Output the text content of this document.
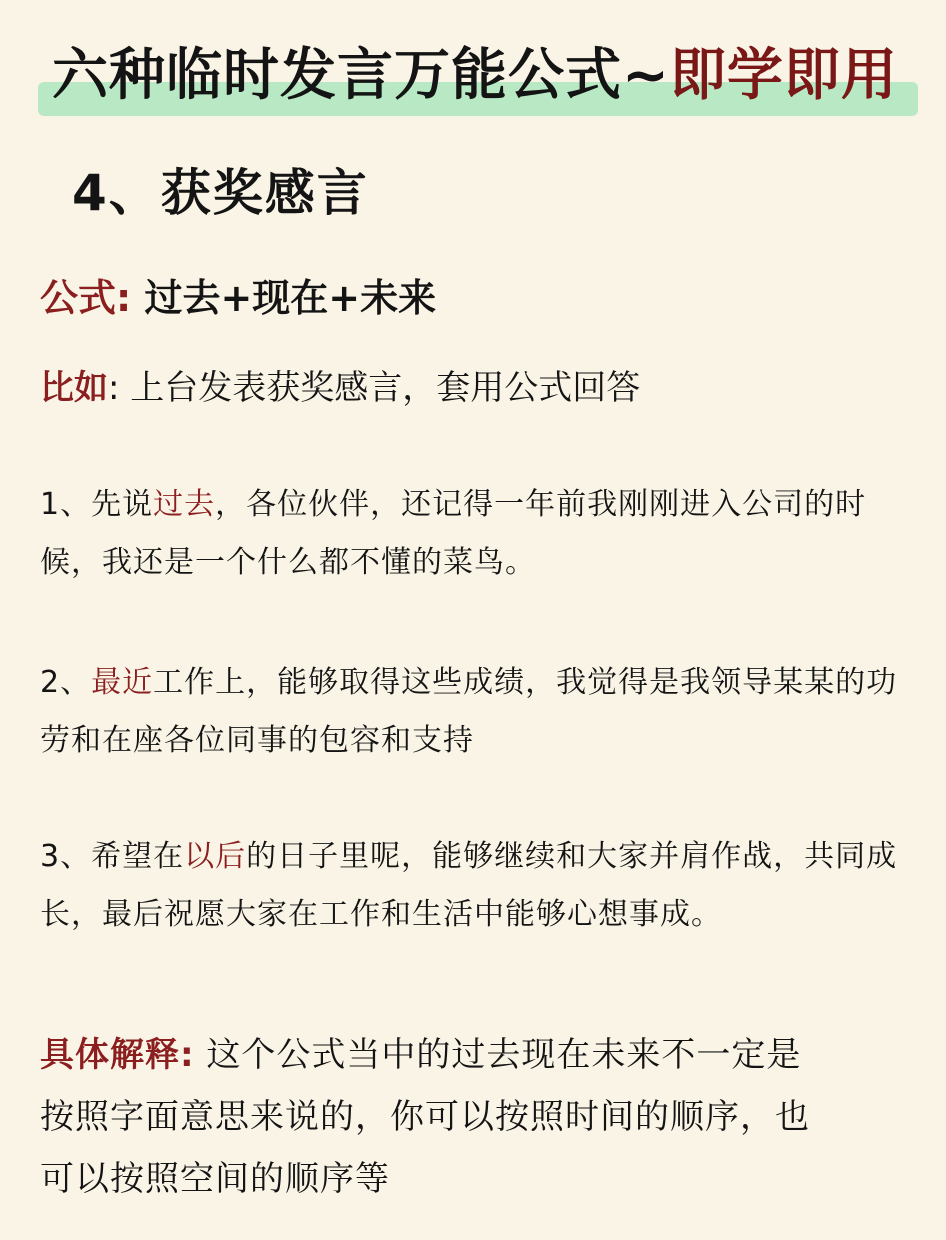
六种临时发言万能公式~即学即用
4、获奖感言

公式: 过去+现在+未来

比如: 上台发表获奖感言，套用公式回答

1、先说过去，各位伙伴，还记得一年前我刚刚进入公司的时候，我还是一个什么都不懂的菜鸟。

2、最近工作上，能够取得这些成绩，我觉得是我领导某某的功劳和在座各位同事的包容和支持

3、希望在以后的日子里呢，能够继续和大家并肩作战，共同成长，最后祝愿大家在工作和生活中能够心想事成。

具体解释: 这个公式当中的过去现在未来不一定是按照字面意思来说的，你可以按照时间的顺序，也可以按照空间的顺序等
